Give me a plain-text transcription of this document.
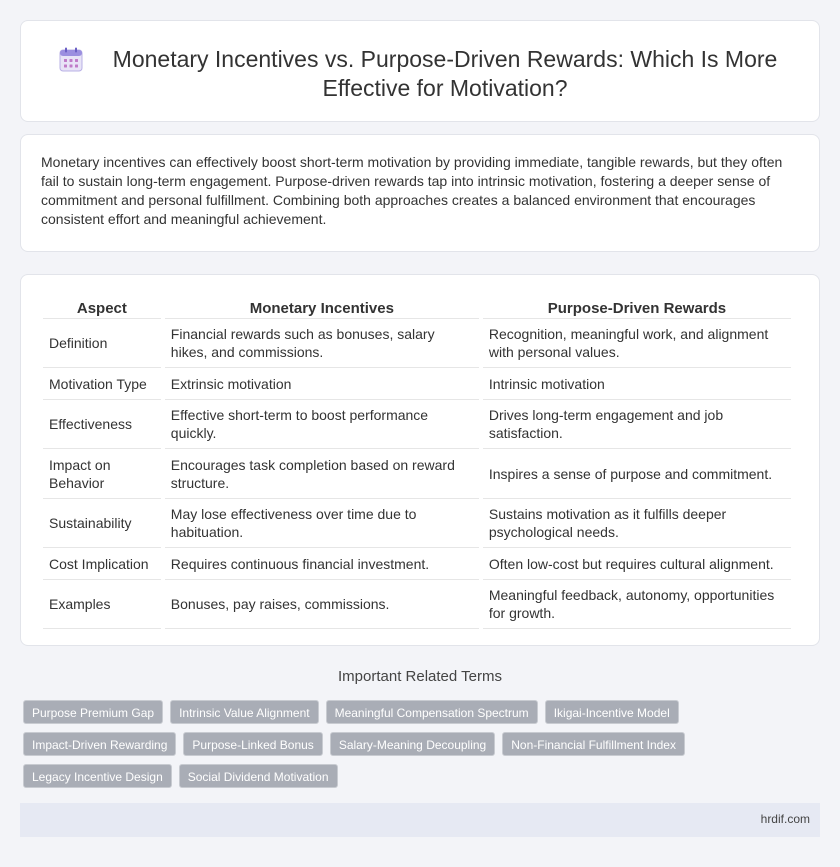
Monetary Incentives vs. Purpose-Driven Rewards: Which Is More Effective for Motivation?

Monetary incentives can effectively boost short-term motivation by providing immediate, tangible rewards, but they often fail to sustain long-term engagement. Purpose-driven rewards tap into intrinsic motivation, fostering a deeper sense of commitment and personal fulfillment. Combining both approaches creates a balanced environment that encourages consistent effort and meaningful achievement.

Aspect	Monetary Incentives	Purpose-Driven Rewards
Definition	Financial rewards such as bonuses, salary hikes, and commissions.	Recognition, meaningful work, and alignment with personal values.
Motivation Type	Extrinsic motivation	Intrinsic motivation
Effectiveness	Effective short-term to boost performance quickly.	Drives long-term engagement and job satisfaction.
Impact on Behavior	Encourages task completion based on reward structure.	Inspires a sense of purpose and commitment.
Sustainability	May lose effectiveness over time due to habituation.	Sustains motivation as it fulfills deeper psychological needs.
Cost Implication	Requires continuous financial investment.	Often low-cost but requires cultural alignment.
Examples	Bonuses, pay raises, commissions.	Meaningful feedback, autonomy, opportunities for growth.
Important Related Terms
Purpose Premium Gap	Intrinsic Value Alignment	Meaningful Compensation Spectrum	Ikigai-Incentive Model
Impact-Driven Rewarding	Purpose-Linked Bonus	Salary-Meaning Decoupling	Non-Financial Fulfillment Index
Legacy Incentive Design	Social Dividend Motivation
hrdif.com
